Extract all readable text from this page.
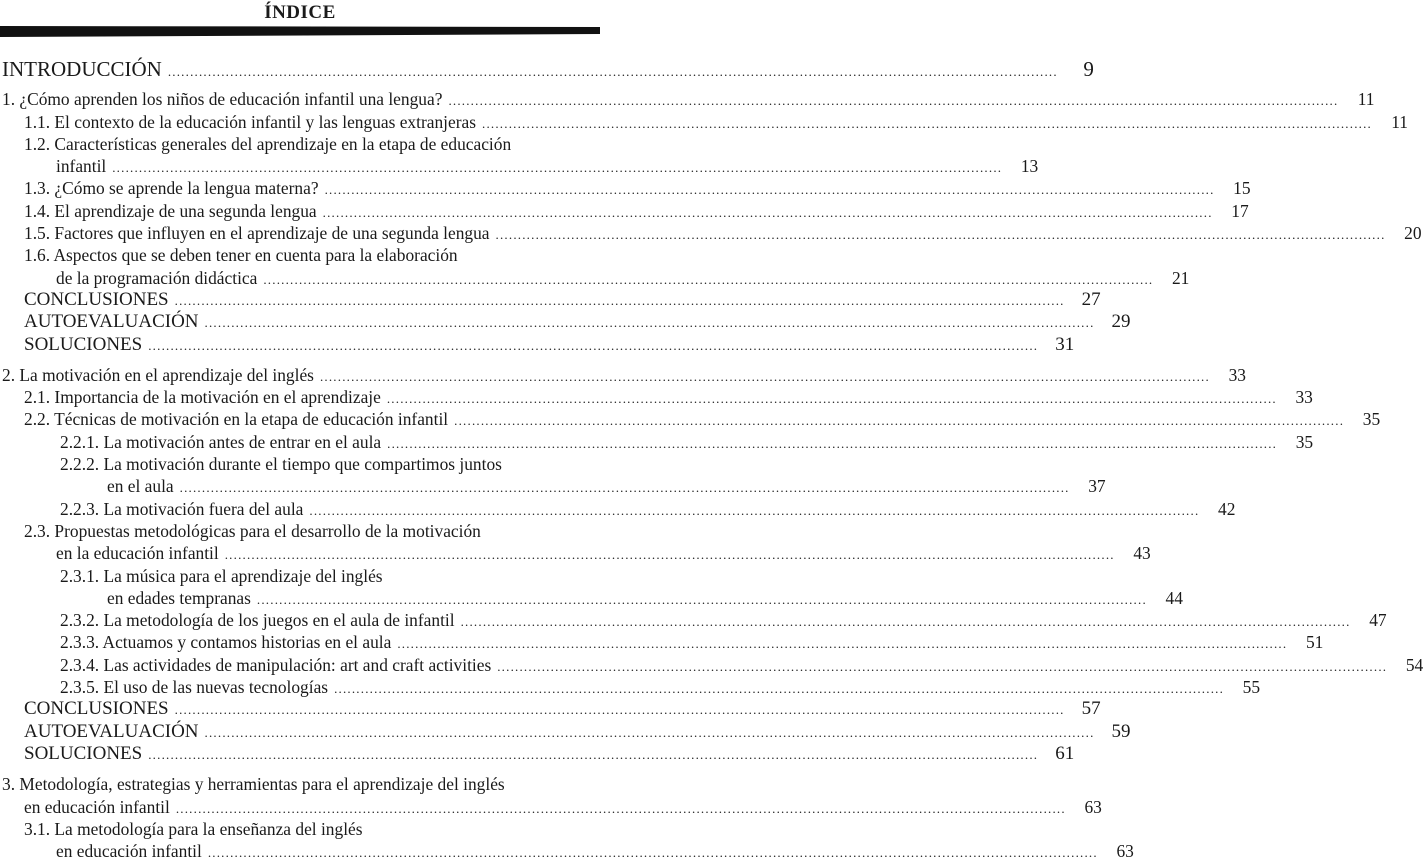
ÍNDICE
INTRODUCCIÓN ........................................................................................................................................................................................................	9
1. ¿Cómo aprenden los niños de educación infantil una lengua? ........................................................................................................................................................................................................	11
1.1. El contexto de la educación infantil y las lenguas extranjeras ........................................................................................................................................................................................................	11
1.2. Características generales del aprendizaje en la etapa de educación
infantil ........................................................................................................................................................................................................	13
1.3. ¿Cómo se aprende la lengua materna? ........................................................................................................................................................................................................	15
1.4. El aprendizaje de una segunda lengua ........................................................................................................................................................................................................	17
1.5. Factores que influyen en el aprendizaje de una segunda lengua ........................................................................................................................................................................................................	20
1.6. Aspectos que se deben tener en cuenta para la elaboración
de la programación didáctica ........................................................................................................................................................................................................	21
CONCLUSIONES ........................................................................................................................................................................................................ 27
AUTOEVALUACIÓN ........................................................................................................................................................................................................ 29
SOLUCIONES ........................................................................................................................................................................................................ 31
2. La motivación en el aprendizaje del inglés ........................................................................................................................................................................................................	33
2.1. Importancia de la motivación en el aprendizaje ........................................................................................................................................................................................................	33
2.2. Técnicas de motivación en la etapa de educación infantil ........................................................................................................................................................................................................	35
2.2.1. La motivación antes de entrar en el aula ........................................................................................................................................................................................................	35
2.2.2. La motivación durante el tiempo que compartimos juntos
en el aula ........................................................................................................................................................................................................	37
2.2.3. La motivación fuera del aula ........................................................................................................................................................................................................	42
2.3. Propuestas metodológicas para el desarrollo de la motivación
en la educación infantil ........................................................................................................................................................................................................	43
2.3.1. La música para el aprendizaje del inglés
en edades tempranas ........................................................................................................................................................................................................	44
2.3.2. La metodología de los juegos en el aula de infantil ........................................................................................................................................................................................................	47
2.3.3. Actuamos y contamos historias en el aula ........................................................................................................................................................................................................	51
2.3.4. Las actividades de manipulación: art and craft activities ........................................................................................................................................................................................................	54
2.3.5. El uso de las nuevas tecnologías ........................................................................................................................................................................................................	55
CONCLUSIONES ........................................................................................................................................................................................................ 57
AUTOEVALUACIÓN ........................................................................................................................................................................................................ 59
SOLUCIONES ........................................................................................................................................................................................................ 61
3. Metodología, estrategias y herramientas para el aprendizaje del inglés
en educación infantil ........................................................................................................................................................................................................	63
3.1. La metodología para la enseñanza del inglés
en educación infantil ........................................................................................................................................................................................................	63
